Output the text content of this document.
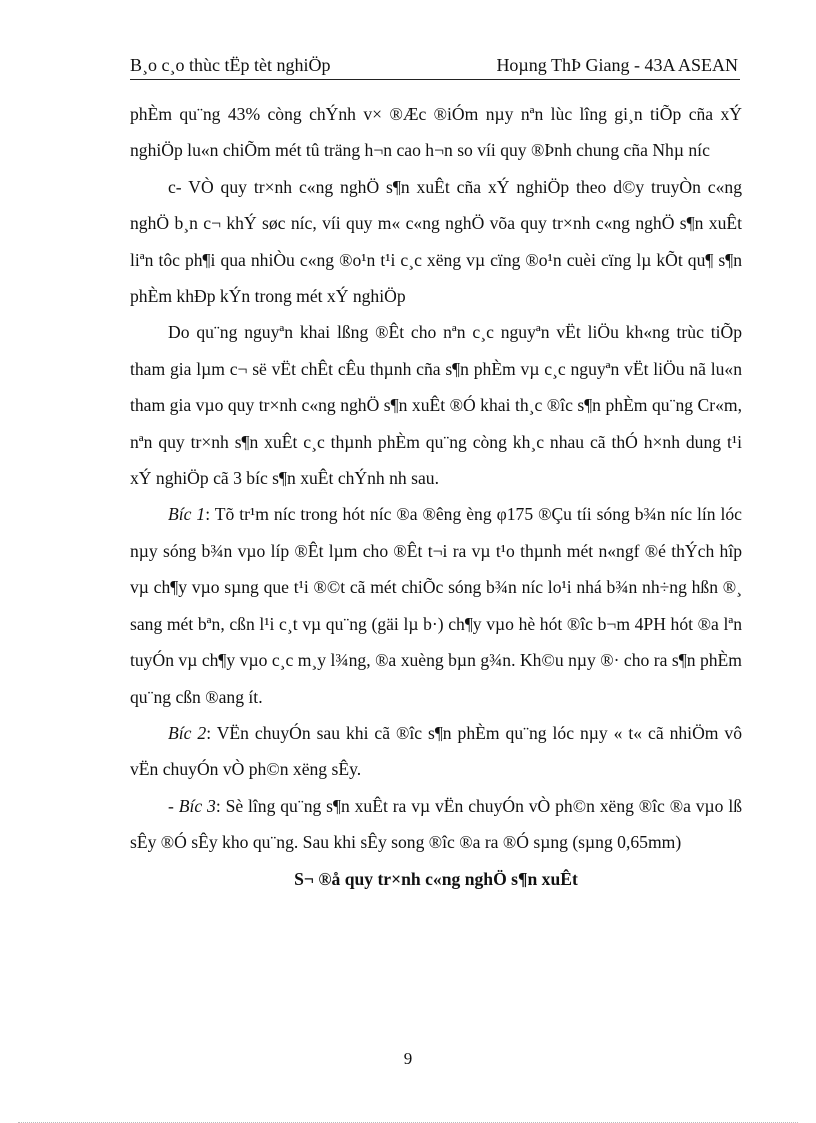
B¸o c¸o thùc tËp tèt nghiÖp	Hoµng ThÞ Giang - 43A ASEAN

phÈm qu¨ng 43% còng chÝnh v× ®Æc ®iÓm nµy nªn lùc lîng gi¸n tiÕp cña xÝ nghiÖp lu«n chiÕm mét tû träng h¬n cao h¬n so víi quy ®Þnh chung cña Nhµ níc

c- VÒ quy tr×nh c«ng nghÖ s¶n xuÊt cña xÝ nghiÖp theo d©y truyÒn c«ng nghÖ b¸n c¬ khÝ søc níc, víi quy m« c«ng nghÖ võa quy tr×nh c«ng nghÖ s¶n xuÊt liªn tôc ph¶i qua nhiÒu c«ng ®o¹n t¹i c¸c xëng vµ cïng ®o¹n cuèi cïng lµ kÕt qu¶ s¶n phÈm khÐp kÝn trong mét xÝ nghiÖp

Do qu¨ng nguyªn khai lßng ®Êt cho nªn c¸c nguyªn vËt liÖu kh«ng trùc tiÕp tham gia lµm c¬ së vËt chÊt cÊu thµnh cña s¶n phÈm vµ c¸c nguyªn vËt liÖu nã lu«n tham gia vµo quy tr×nh c«ng nghÖ s¶n xuÊt ®Ó khai th¸c ®îc s¶n phÈm qu¨ng Cr«m, nªn quy tr×nh s¶n xuÊt c¸c thµnh phÈm qu¨ng còng kh¸c nhau cã thÓ h×nh dung t¹i xÝ nghiÖp cã 3 bíc s¶n xuÊt chÝnh nh sau.

Bíc 1: Tõ tr¹m níc trong hót níc ®a ®êng èng φ175 ®Çu tíi sóng b¾n níc lín lóc nµy sóng b¾n vµo líp ®Êt lµm cho ®Êt t¬i ra vµ t¹o thµnh mét n«ngf ®é thÝch hîp vµ ch¶y vµo sµng que t¹i ®©t cã mét chiÕc sóng b¾n níc lo¹i nhá b¾n nh÷ng hßn ®¸ sang mét bªn, cßn l¹i c¸t vµ qu¨ng (gäi lµ b·) ch¶y vµo hè hót ®îc b¬m 4PH hót ®a lªn tuyÓn vµ ch¶y vµo c¸c m¸y l¾ng, ®a xuèng bµn g¾n. Kh©u nµy ®· cho ra s¶n phÈm qu¨ng cßn ®ang ít.

Bíc 2: VËn chuyÓn sau khi cã ®îc s¶n phÈm qu¨ng lóc nµy « t« cã nhiÖm vô vËn chuyÓn vÒ ph©n xëng sÊy.

- Bíc 3: Sè lîng qu¨ng s¶n xuÊt ra vµ vËn chuyÓn vÒ ph©n xëng ®îc ®a vµo lß sÊy ®Ó sÊy kho qu¨ng. Sau khi sÊy song ®îc ®a ra ®Ó sµng (sµng 0,65mm)

S¬ ®å quy tr×nh c«ng nghÖ s¶n xuÊt

9
